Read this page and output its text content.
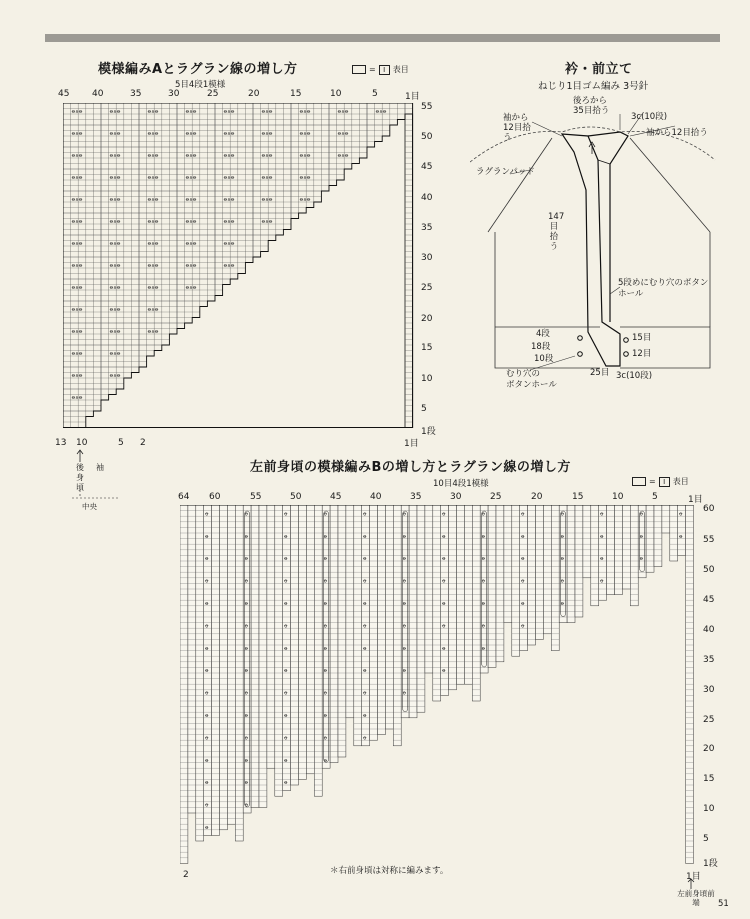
模様編みAとラグラン線の増し方
5目4段1模様
=	I 表目
45	40	35	30	25	20	15	10	5	1目
55
50
45
40
35
30
25
20
15
10
5
1段
ꝋ∧ꝋ	ꝋ∧ꝋ	ꝋ∧ꝋ	ꝋ∧ꝋ	ꝋ∧ꝋ	ꝋ∧ꝋ	ꝋ∧ꝋ	ꝋ∧ꝋ	ꝋ∧ꝋ
ꝋ∧ꝋ	ꝋ∧ꝋ	ꝋ∧ꝋ	ꝋ∧ꝋ	ꝋ∧ꝋ	ꝋ∧ꝋ	ꝋ∧ꝋ	ꝋ∧ꝋ
ꝋ∧ꝋ	ꝋ∧ꝋ	ꝋ∧ꝋ	ꝋ∧ꝋ	ꝋ∧ꝋ	ꝋ∧ꝋ	ꝋ∧ꝋ	ꝋ∧ꝋ
ꝋ∧ꝋ	ꝋ∧ꝋ	ꝋ∧ꝋ	ꝋ∧ꝋ	ꝋ∧ꝋ	ꝋ∧ꝋ	ꝋ∧ꝋ
ꝋ∧ꝋ	ꝋ∧ꝋ	ꝋ∧ꝋ	ꝋ∧ꝋ	ꝋ∧ꝋ	ꝋ∧ꝋ	ꝋ∧ꝋ
ꝋ∧ꝋ	ꝋ∧ꝋ	ꝋ∧ꝋ	ꝋ∧ꝋ	ꝋ∧ꝋ	ꝋ∧ꝋ
ꝋ∧ꝋ	ꝋ∧ꝋ	ꝋ∧ꝋ	ꝋ∧ꝋ	ꝋ∧ꝋ
ꝋ∧ꝋ	ꝋ∧ꝋ	ꝋ∧ꝋ	ꝋ∧ꝋ	ꝋ∧ꝋ
ꝋ∧ꝋ	ꝋ∧ꝋ	ꝋ∧ꝋ	ꝋ∧ꝋ
ꝋ∧ꝋ	ꝋ∧ꝋ	ꝋ∧ꝋ
ꝋ∧ꝋ	ꝋ∧ꝋ	ꝋ∧ꝋ
ꝋ∧ꝋ	ꝋ∧ꝋ
ꝋ∧ꝋ	ꝋ∧ꝋ
ꝋ∧ꝋ
13 10	5 2	1目
後身頃
袖
中央
衿・前立て
ねじり1目ゴム編み 3号針
後ろから35目拾う
袖から12目拾う
3c(10段)
袖から12目拾う
ラグランパッド
147目拾う
5段めにむり穴のボタンホール
4段
18段
10段
15目
12目
25目 3c(10段)
むり穴の
ボタンホール
左前身頃の模様編みBの増し方とラグラン線の増し方
10目4段1模様	=	I 表目
64 60	55	50	45	40	35	30	25	20	15	10	5	1目
60
55
50
45
40
35
30
25
20
15
10
5
1段
ꝋ
ꝋ
ꝋ
ꝋ
ꝋ
ꝋ
ꝋ
ꝋ
ꝋ
ꝋ
ꝋ
ꝋ
ꝋ
ꝋ
ꝋ
ꝋ
ꝋ
ꝋ
ꝋ
ꝋ
ꝋ
ꝋ
ꝋ
ꝋ
ꝋ
ꝋ
ꝋ
ꝋ
ꝋ
ꝋ
ꝋ
ꝋ
ꝋ
ꝋ
ꝋ
ꝋ
ꝋ
ꝋ
ꝋ
ꝋ
ꝋ
ꝋ
ꝋ
ꝋ
ꝋ
ꝋ
ꝋ
ꝋ
ꝋ
ꝋ
ꝋ
ꝋ
ꝋ
ꝋ
ꝋ
ꝋ
ꝋ
ꝋ
ꝋ
ꝋ
ꝋ
ꝋ
ꝋ
ꝋ
ꝋ
ꝋ
ꝋ
ꝋ
ꝋ
ꝋ
ꝋ
ꝋ
ꝋ
ꝋ
ꝋ
ꝋ
ꝋ
ꝋ
ꝋ
ꝋ
ꝋ
ꝋ
ꝋ
ꝋ
ꝋ
ꝋ
ꝋ
ꝋ
ꝋ
ꝋ
ꝋ
ꝋ
ꝋ
ꝋ
ꝋ
ꝋ
ꝋ
ꝋ
ꝋ
ꝋ
ꝋ
ꝋ
ꝋ
ꝋ
ꝋ
ꝋ
ꝋ
ꝋ
ꝋ
2	1目
左前身頃前端
＊右前身頃は対称に編みます。
51
